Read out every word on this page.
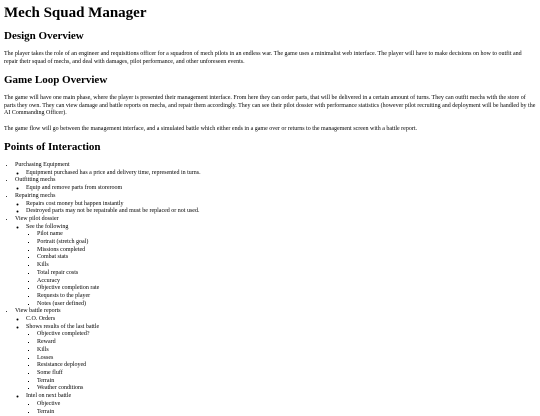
Mech Squad Manager
Design Overview

The player takes the role of an engineer and requisitions officer for a squadron of mech pilots in an endless war. The game uses a minimalist web interface. The player will have to make decisions on how to outfit and repair their squad of mechs, and deal with damages, pilot performance, and other unforeseen events.

Game Loop Overview

The game will have one main phase, where the player is presented their management interface. From here they can order parts, that will be delivered in a certain amount of turns. They can outfit mechs with the store of parts they own. They can view damage and battle reports on mechs, and repair them accordingly. They can see their pilot dossier with performance statistics (however pilot recruiting and deployment will be handled by the AI Commanding Officer).

The game flow will go between the management interface, and a simulated battle which either ends in a game over or returns to the management screen with a battle report.

Points of Interaction
• Purchasing Equipment
◦ Equipment purchased has a price and delivery time, represented in turns.
• Outfitting mechs
◦ Equip and remove parts from storeroom
• Repairing mechs
◦ Repairs cost money but happen instantly
◦ Destroyed parts may not be repairable and must be replaced or not used.
• View pilot dossier
◦ See the following
▪ Pilot name
▪ Portrait (stretch goal)
▪ Missions completed
▪ Combat stats
▪ Kills
▪ Total repair costs
▪ Accuracy
▪ Objective completion rate
▪ Requests to the player
▪ Notes (user defined)
• View battle reports
◦ C.O. Orders
◦ Shows results of the last battle
▪ Objective completed?
▪ Reward
▪ Kills
▪ Losses
▪ Resistance deployed
▪ Some fluff
▪ Terrain
▪ Weather conditions
◦ Intel on next battle
▪ Objective
▪ Terrain
